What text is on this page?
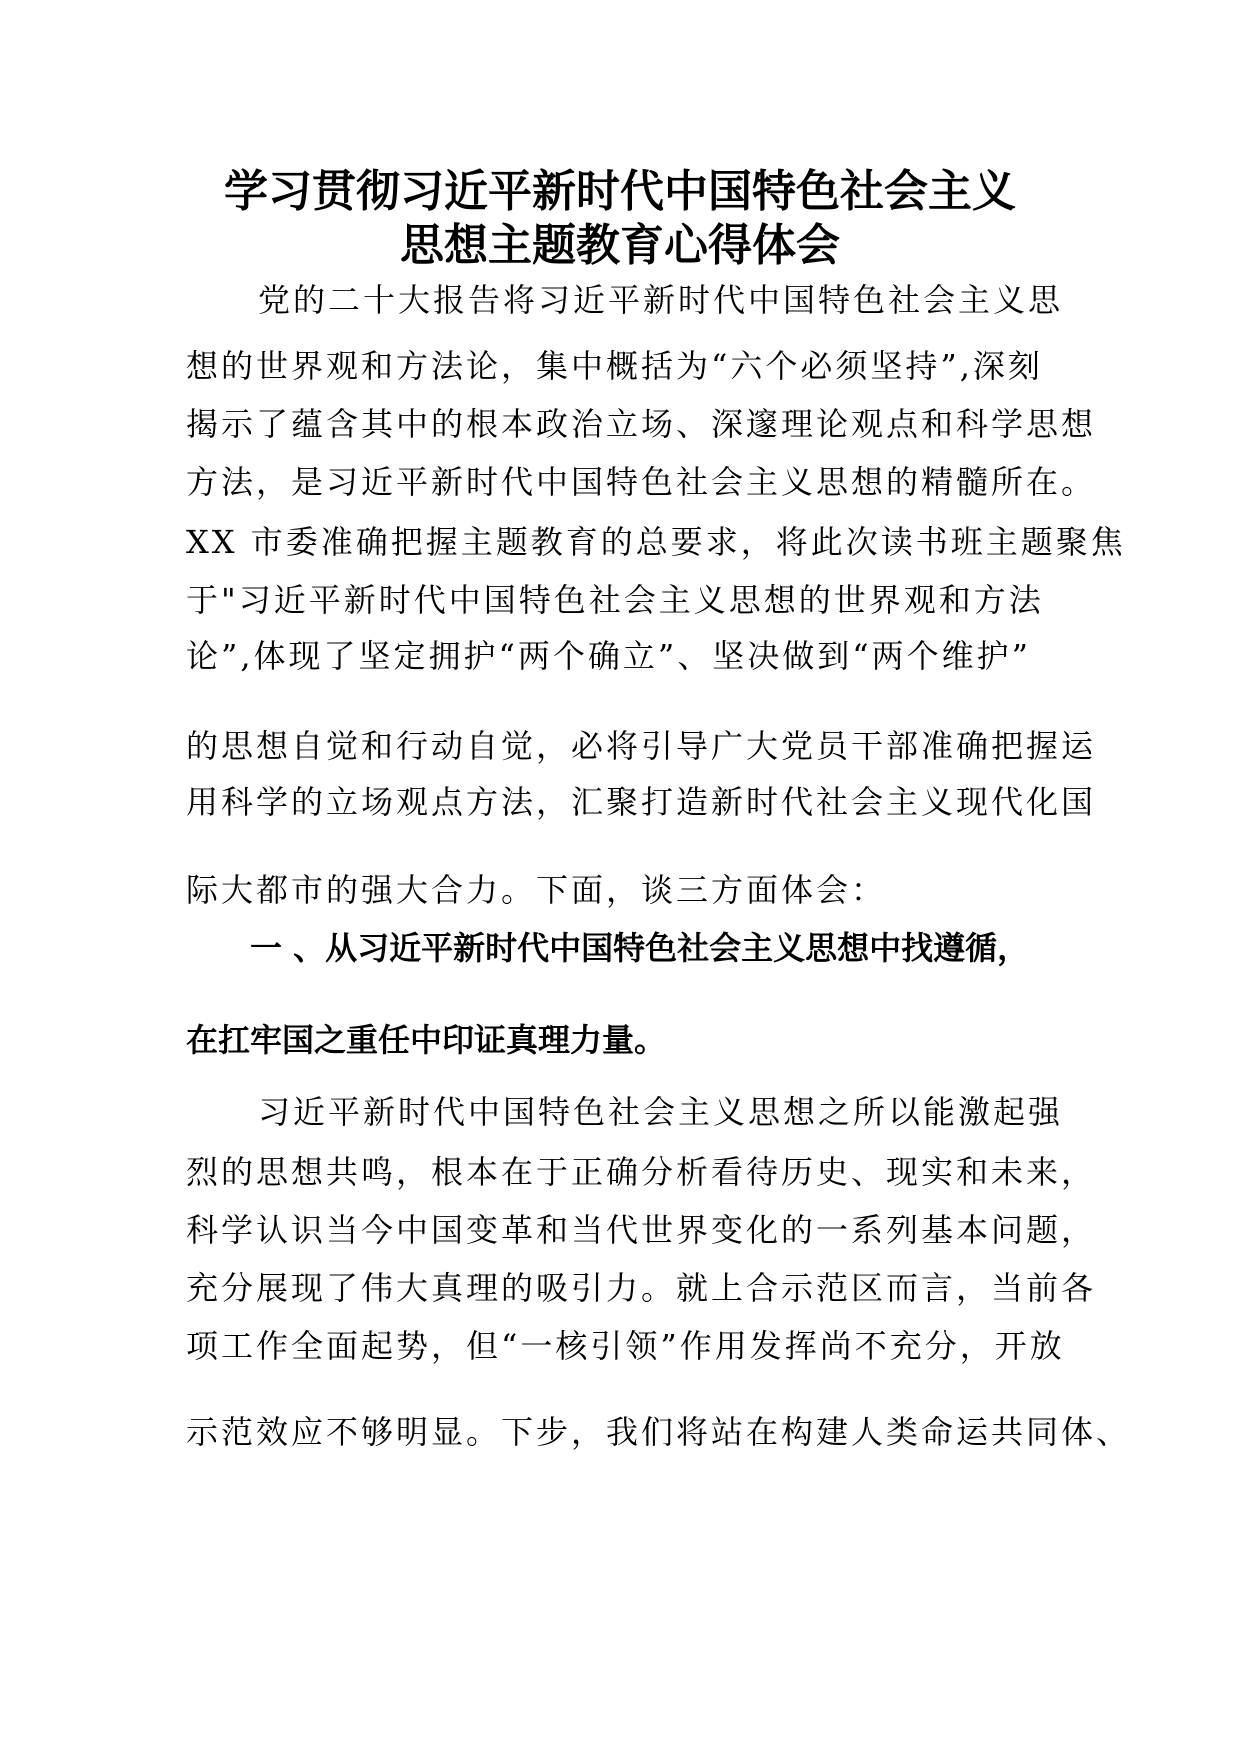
学习贯彻习近平新时代中国特色社会主义
思想主题教育心得体会
党的二十大报告将习近平新时代中国特色社会主义思
想的世界观和方法论，集中概括为“六个必须坚持”,深刻
揭示了蕴含其中的根本政治立场、深邃理论观点和科学思想
方法，是习近平新时代中国特色社会主义思想的精髓所在。
XX 市委准确把握主题教育的总要求，将此次读书班主题聚焦
于"习近平新时代中国特色社会主义思想的世界观和方法
论”,体现了坚定拥护“两个确立”、坚决做到“两个维护”
的思想自觉和行动自觉，必将引导广大党员干部准确把握运
用科学的立场观点方法，汇聚打造新时代社会主义现代化国
际大都市的强大合力。下面，谈三方面体会：
一 、从习近平新时代中国特色社会主义思想中找遵循，
在扛牢国之重任中印证真理力量。
习近平新时代中国特色社会主义思想之所以能激起强
烈的思想共鸣，根本在于正确分析看待历史、现实和未来，
科学认识当今中国变革和当代世界变化的一系列基本问题，
充分展现了伟大真理的吸引力。就上合示范区而言，当前各
项工作全面起势，但“一核引领”作用发挥尚不充分，开放
示范效应不够明显。下步，我们将站在构建人类命运共同体、
